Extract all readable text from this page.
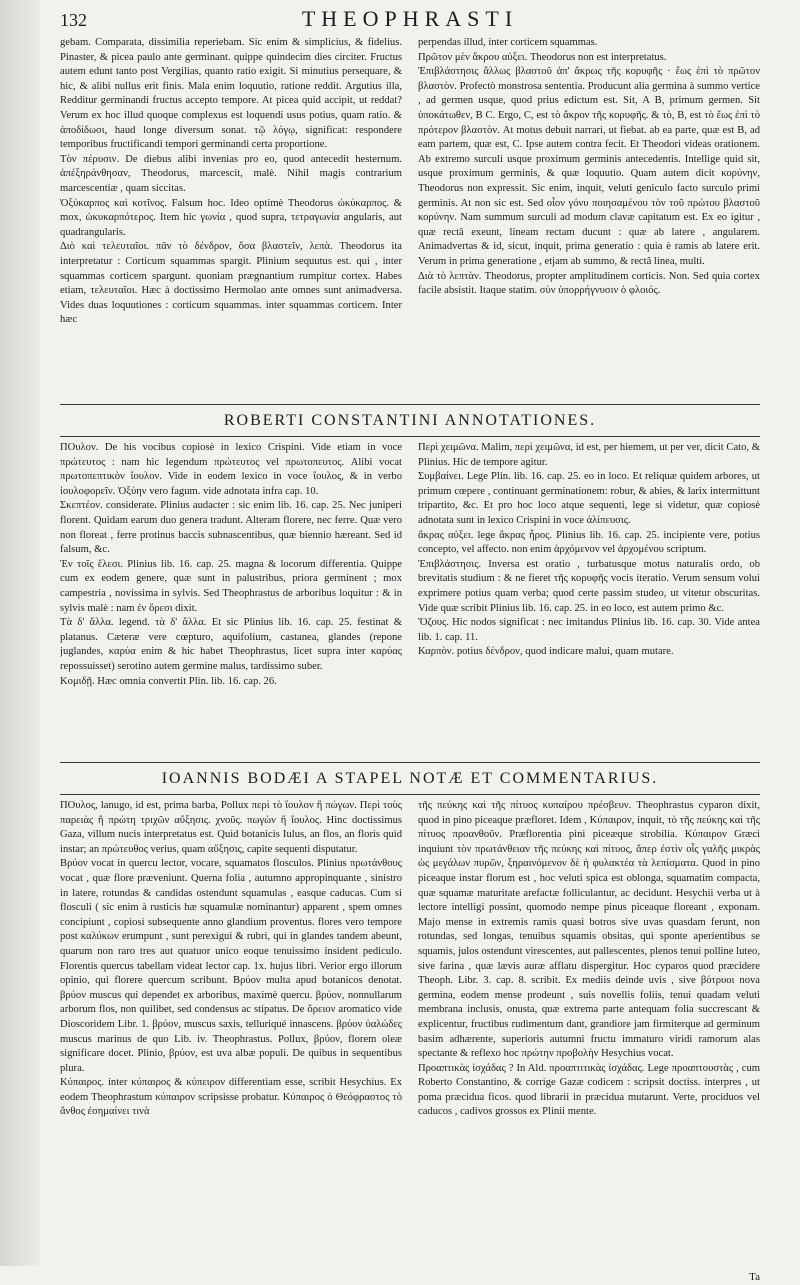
132	THEOPHRASTI

gebam. Comparata, dissimilia reperiebam. Sic enim & simplicius, & fidelius. Pinaster, & picea paulo ante germinant. quippe quindecim dies circiter. Fructus autem edunt tanto post Vergilias, quanto ratio exigit. Si minutius persequare, & hic, & alibi nullus erit finis. Mala enim loquutio, ratione reddit. Argutius illa, Redditur germinandi fructus accepto tempore. At picea quid accipit, ut reddat? Verum ex hoc illud quoque complexus est loquendi usus potius, quam ratio. & ἀποδίδωσι, haud longe diversum sonat. τῷ λόγῳ, significat: respondere temporibus fructificandi tempori germinandi certa proportione.

Τὸν πέρυσιν. De diebus alibi invenias pro eo, quod antecedit hesternum. ἀπέξηράνθησαν, Theodorus, marcescit, malè. Nihil magis contrarium marcescentiæ , quam siccitas.

Ὀξύκαρπος καὶ κοτῖνος. Falsum hoc. Ideo optimè Theodorus ὠκύκαρπος. & mox, ὠκυκαρπότερος. Item hic γωνία , quod supra, τετραγωνία angularis, aut quadrangularis.

Διὸ καὶ τελευταῖοι. πᾶν τὸ δένδρον, ὅσα βλαστεῖν, λεπὰ. Theodorus ita interpretatur : Corticum squammas spargit. Plinium sequutus est. qui , inter squammas corticem spargunt. quoniam prægnantium rumpitur cortex. Habes etiam, τελευταῖοι. Hæc à doctissimo Hermolao ante omnes sunt animadversa. Vides duas loquutiones : corticum squammas. inter squammas corticem. Inter hæc

perpendas illud, inter corticem squammas.

Πρῶτον μὲν ἄκρου αὐξει. Theodorus non est interpretatus.

Ἐπιβλάστησις ἄλλως βλαστοῦ ἀπ' ἄκρως τῆς κορυφῆς · ἕως ἐπὶ τὸ πρῶτον βλαστὸν. Profectò monstrosa sententia. Producunt alia germina à summo vertice , ad germen usque, quod prius edictum est. Sit, A B, primum germen. Sit ὑποκάτωθεν, B C. Ergo, C, est τὸ ἄκρον τῆς κορυφῆς. & τὸ, B, est τὸ ἕως ἐπὶ τὸ πρότερον βλαστὸν. At motus debuit narrari, ut fiebat. ab ea parte, quæ est B, ad eam partem, quæ est, C. Ipse autem contra fecit. Et Theodori videas orationem. Ab extremo surculi usque proximum germinis antecedentis. Intellige quid sit, usque proximum germinis, & quæ loquutio. Quam autem dicit κορύνην, Theodorus non expressit. Sic enim, inquit, veluti geniculo facto surculo primi germinis. At non sic est. Sed οἷον γόνυ ποιησαμένου τὸν τοῦ πρώτου βλαστοῦ κορύνην. Nam summum surculi ad modum clavæ capitatum est. Ex eo igitur , quæ rectâ exeunt, lineam rectam ducunt : quæ ab latere , angularem. Animadvertas & id, sicut, inquit, prima generatio : quia è ramis ab latere erit. Verum in prima generatione , etjam ab summo, & rectâ linea, multi.

Διὰ τὸ λεπτὰν. Theodorus, propter amplitudinem corticis. Non. Sed quia cortex facile absistit. Itaque statim. σὺν ὑπορρήγνυσιν ὁ φλοιός.

ROBERTI CONSTANTINI ANNOTATIONES.

ΠΟυλον. De his vocibus copiosè in lexico Crispini. Vide etiam in voce πρώτευτος : nam hic legendum πρώτευτος vel πρωτοπευτος. Alibi vocat πρωτοπεπτικὸν ἴουλον. Vide in eodem lexico in voce ἴουλος, & in verbo ἰουλοφορεῖν. Ὀξύην vero fagum. vide adnotata infra cap. 10.

Σκεπτέον. considerate. Plinius audacter : sic enim lib. 16. cap. 25. Nec juniperi florent. Quidam earum duo genera tradunt. Alteram florere, nec ferre. Quæ vero non floreat , ferre protinus baccis subnascentibus, quæ biennio hæreant. Sed id falsum, &c.

Ἐν τοῖς ἕλεσι. Plinius lib. 16. cap. 25. magna & locorum differentia. Quippe cum ex eodem genere, quæ sunt in palustribus, priora germinent ; mox campestria , novissima in sylvis. Sed Theophrastus de arboribus loquitur : & in sylvis malè : nam ἐν ὄρεσι dixit.

Τὰ δ' ἄλλα. legend. τὰ δ' ἄλλα. Et sic Plinius lib. 16. cap. 25. festinat & platanus. Cæteræ vere cœpturo, aquifolium, castanea, glandes (repone juglandes, καρύα enim & hic habet Theophrastus, licet supra inter καρύας repossuisset) serotino autem germine malus, tardissimo suber.

Κομιδῇ. Hæc omnia convertit Plin. lib. 16. cap. 26.

Περὶ χειμῶνα. Malim, περὶ χειμῶνα, id est, per hiemem, ut per ver, dicit Cato, & Plinius. Hic de tempore agitur.

Συμβαίνει. Lege Plin. lib. 16. cap. 25. eo in loco. Et reliquæ quidem arbores, ut primum cœpere , continuant germinationem: robur, & abies, & larix intermittunt tripartito, &c. Et pro hoc loco atque sequenti, lege si videtur, quæ copiosè adnotata sunt in lexico Crispini in voce ἀλίπευσις.

ἄκρας αὐξει. lege ἄκρας ἦρος. Plinius lib. 16. cap. 25. incipiente vere, potius concepto, vel affecto. non enim ἀρχόμενον vel ἀρχομένου scriptum.

Ἐπιβλάστησις. Inversa est oratio , turbatusque motus naturalis ordo, ob brevitatis studium : & ne fieret τῆς κορυφῆς vocis iteratio. Verum sensum volui exprimere potius quam verba; quod certe passim studeo, ut vitetur obscuritas. Vide quæ scribit Plinius lib. 16. cap. 25. in eo loco, est autem primo &c.

Ὄζους. Hic nodos significat : nec imitandus Plinius lib. 16. cap. 30. Vide antea lib. 1. cap. 11.

Καρπὸν. potius δένδρον, quod indicare malui, quam mutare.

IOANNIS BODÆI A STAPEL NOTÆ ET COMMENTARIUS.

ΠΟυλος, lanugo, id est, prima barba, Pollux περὶ τὸ ἴουλον ἢ πώγων. Περὶ τοὺς παρειὰς ἢ πρώτη τριχῶν αὔξησις. χνοῦς. πωγὼν ἢ ἴουλος. Hinc doctissimus Gaza, villum nucis interpretatus est. Quid botanicis Iulus, an flos, an floris quid instar; an πρώτευθος verius, quam αὔξησις, capite sequenti disputatur.

Βρύον vocat in quercu lector, vocare, squamatos flosculos. Plinius πρωτάνθους vocat , quæ flore præveniunt. Querna folia , autumno appropinquante , sinistro in latere, rotundas & candidas ostendunt squamulas , easque caducas. Cum si flosculi ( sic enim à rusticis hæ squamulæ nominantur) apparent , spem omnes concipiunt , copiosi subsequente anno glandium proventus. flores vero tempore post καλύκων erumpunt , sunt perexigui & rubri, qui in glandes tandem abeunt, quarum non raro tres aut quatuor unico eoque tenuissimo insident pediculo. Florentis quercus tabellam videat lector cap. 1x. hujus libri. Verior ergo illorum opinio, qui florere quercum scribunt. Βρύον multa apud botanicos denotat. βρύον muscus qui dependet ex arboribus, maximè quercu. βρύον, nonnullarum arborum flos, non quilibet, sed condensus ac stipatus. De ὄρειον aromatico vide Dioscoridem Libr. 1. βρύον, muscus saxis, telluriqué innascens. βρύον ὑαλώδες muscus marinus de quo Lib. iv. Theophrastus. Pollux, βρύον, florem oleæ significare docet. Plinio, βρύον, est uva albæ populi. De quibus in sequentibus plura.

Κύπαιρος. inter κύπαιρος & κύπειρον differentiam esse, scribit Hesychius. Ex eodem Theophrastum κύπαιρον scripsisse probatur. Κύπαιρος ὁ Θεόφραστος τὸ ἄνθος ἐσημαίνει τινὰ

τῆς πεύκης καὶ τῆς πίτυος κυπαίρου πρέσβευν. Theophrastus cyparon dixit, quod in pino piceaque præfloret. Idem , Κύπαιρον, inquit, τὸ τῆς πεύκης καὶ τῆς πίτυος προανθοῦν. Præflorentia pini piceæque strobilia. Κύπαιρον Græci inquiunt τὸν πρωτάνθειαν τῆς πεύκης καὶ πίτυος, ἅπερ ἐστὶν οἷς γαλῆς μικρὰς ὡς μεγάλων πυρῶν, ξηραινόμενον δὲ ἡ φυλακτέα τὰ λεπίσματα. Quod in pino piceaque instar florum est , hoc veluti spica est oblonga, squamatim compacta, quæ squamæ maturitate arefactæ folliculantur, ac decidunt. Hesychii verba ut à lectore intelligi possint, quomodo nempe pinus piceaque floreant , exponam. Majo mense in extremis ramis quasi botros sive uvas quasdam ferunt, non rotundas, sed longas, tenuibus squamis obsitas, qui sponte aperientibus se squamis, julos ostendunt virescentes, aut pallescentes, plenos tenui polline luteo, sive farina , quæ lævis auræ afflatu dispergitur. Hoc cyparos quod præcidere Theoph. Libr. 3. cap. 8. scribit. Ex mediis deinde uvis , sive βότρυοι nova germina, eodem mense prodeunt , suis novellis foliis, tenui quadam veluti membrana inclusis, onusta, quæ extrema parte antequam folia succrescant & explicentur, fructibus rudimentum dant, grandiore jam firmiterque ad germinum basim adhærente, superioris autumni fructu immaturo viridi ramorum alas spectante & reflexo hoc πρώτην προβολὴν Hesychius vocat.

Προαπτικὰς ἰσχάδας ? In Ald. προαπτιτικὰς ἰσχάδας. Lege προαπτουστὰς , cum Roberto Constantino, & corrige Gazæ codicem : scripsit doctiss. interpres , ut poma præcidua ficos. quod librarii in præcidua mutarunt. Verte, prociduos vel caducos , cadivos grossos ex Plinii mente.

Ta
